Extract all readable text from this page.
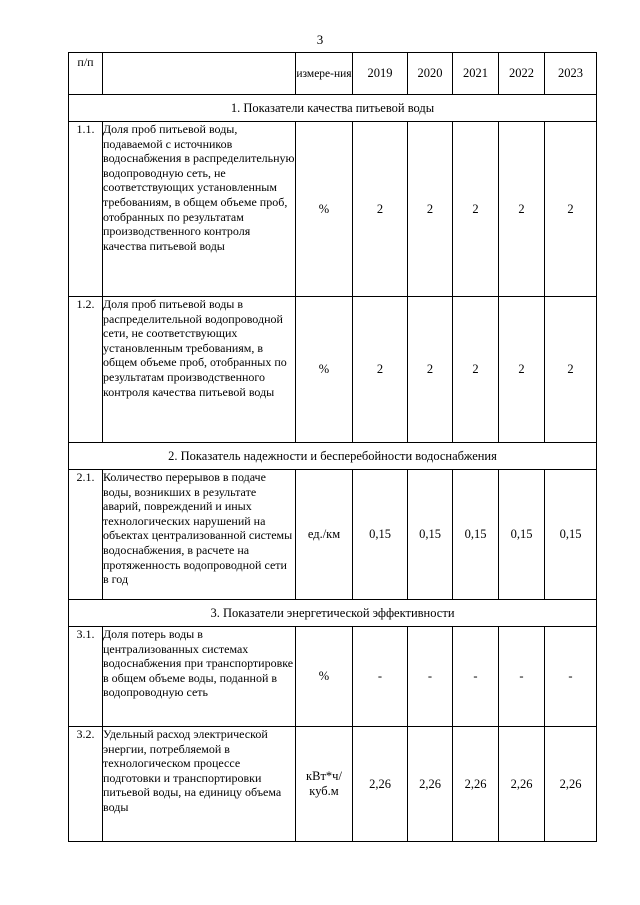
3
п/п		измере-ния	2019	2020	2021	2022	2023
1. Показатели качества питьевой воды							
1.1.	Доля проб питьевой воды, подаваемой с источников водоснабжения в распределительную водопроводную сеть, не соответствующих установленным требованиям, в общем объеме проб, отобранных по результатам производственного контроля качества питьевой воды	%	2	2	2	2	2
1.2.	Доля проб питьевой воды в распределительной водопроводной сети, не соответствующих установленным требованиям, в общем объеме проб, отобранных по результатам производственного контроля качества питьевой воды	%	2	2	2	2	2
2. Показатель надежности и бесперебойности водоснабжения							
2.1.	Количество перерывов в подаче воды, возникших в результате аварий, повреждений и иных технологических нарушений на объектах централизованной системы водоснабжения, в расчете на протяженность водопроводной сети в год	ед./км	0,15	0,15	0,15	0,15	0,15
3. Показатели энергетической эффективности							
3.1.	Доля потерь воды в централизованных системах водоснабжения при транспортировке в общем объеме воды, поданной в водопроводную сеть	%	-	-	-	-	-
3.2.	Удельный расход электрической энергии, потребляемой в технологическом процессе подготовки и транспортировки питьевой воды, на единицу объема воды	кВт*ч/ куб.м	2,26	2,26	2,26	2,26	2,26
